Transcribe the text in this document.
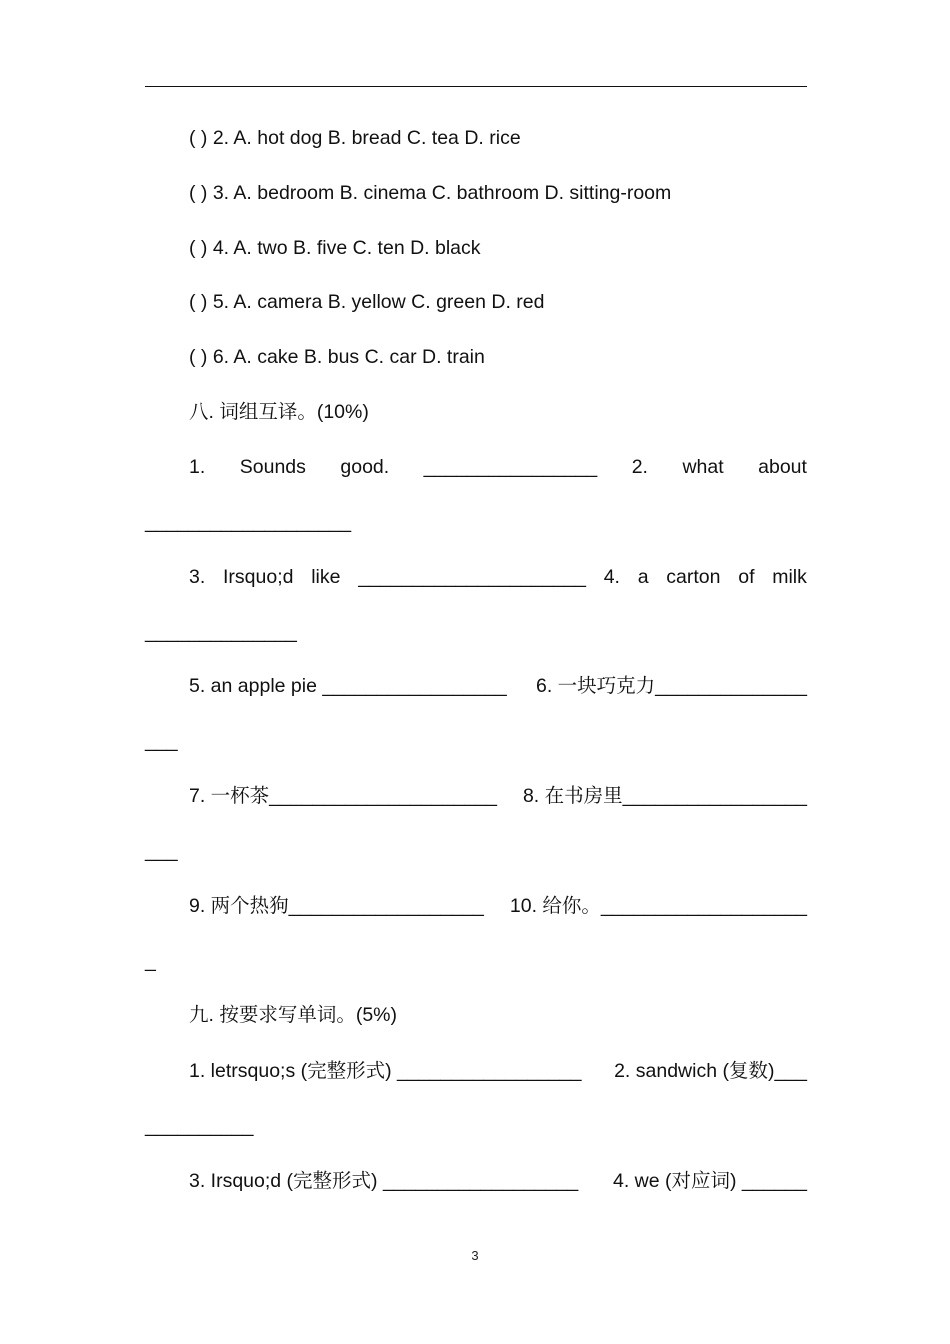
( ) 2. A. hot dog B. bread C. tea D. rice
( ) 3. A. bedroom B. cinema C. bathroom D. sitting-room
( ) 4. A. two B. five C. ten D. black
( ) 5. A. camera B. yellow C. green D. red
( ) 6. A. cake B. bus C. car D. train
八. 词组互译。(10%)
1. Sounds good. ________________ 2. what about
___________________
3. Irsquo;d like _____________________ 4. a carton of milk
______________
5. an apple pie _________________ 6. 一块巧克力______________
___
7. 一杯茶_____________________ 8. 在书房里_________________
___
9. 两个热狗__________________ 10. 给你。___________________
_
九. 按要求写单词。(5%)
1. letrsquo;s (完整形式) _________________ 2. sandwich (复数)___
__________
3. Irsquo;d (完整形式) __________________ 4. we (对应词) ______
3
